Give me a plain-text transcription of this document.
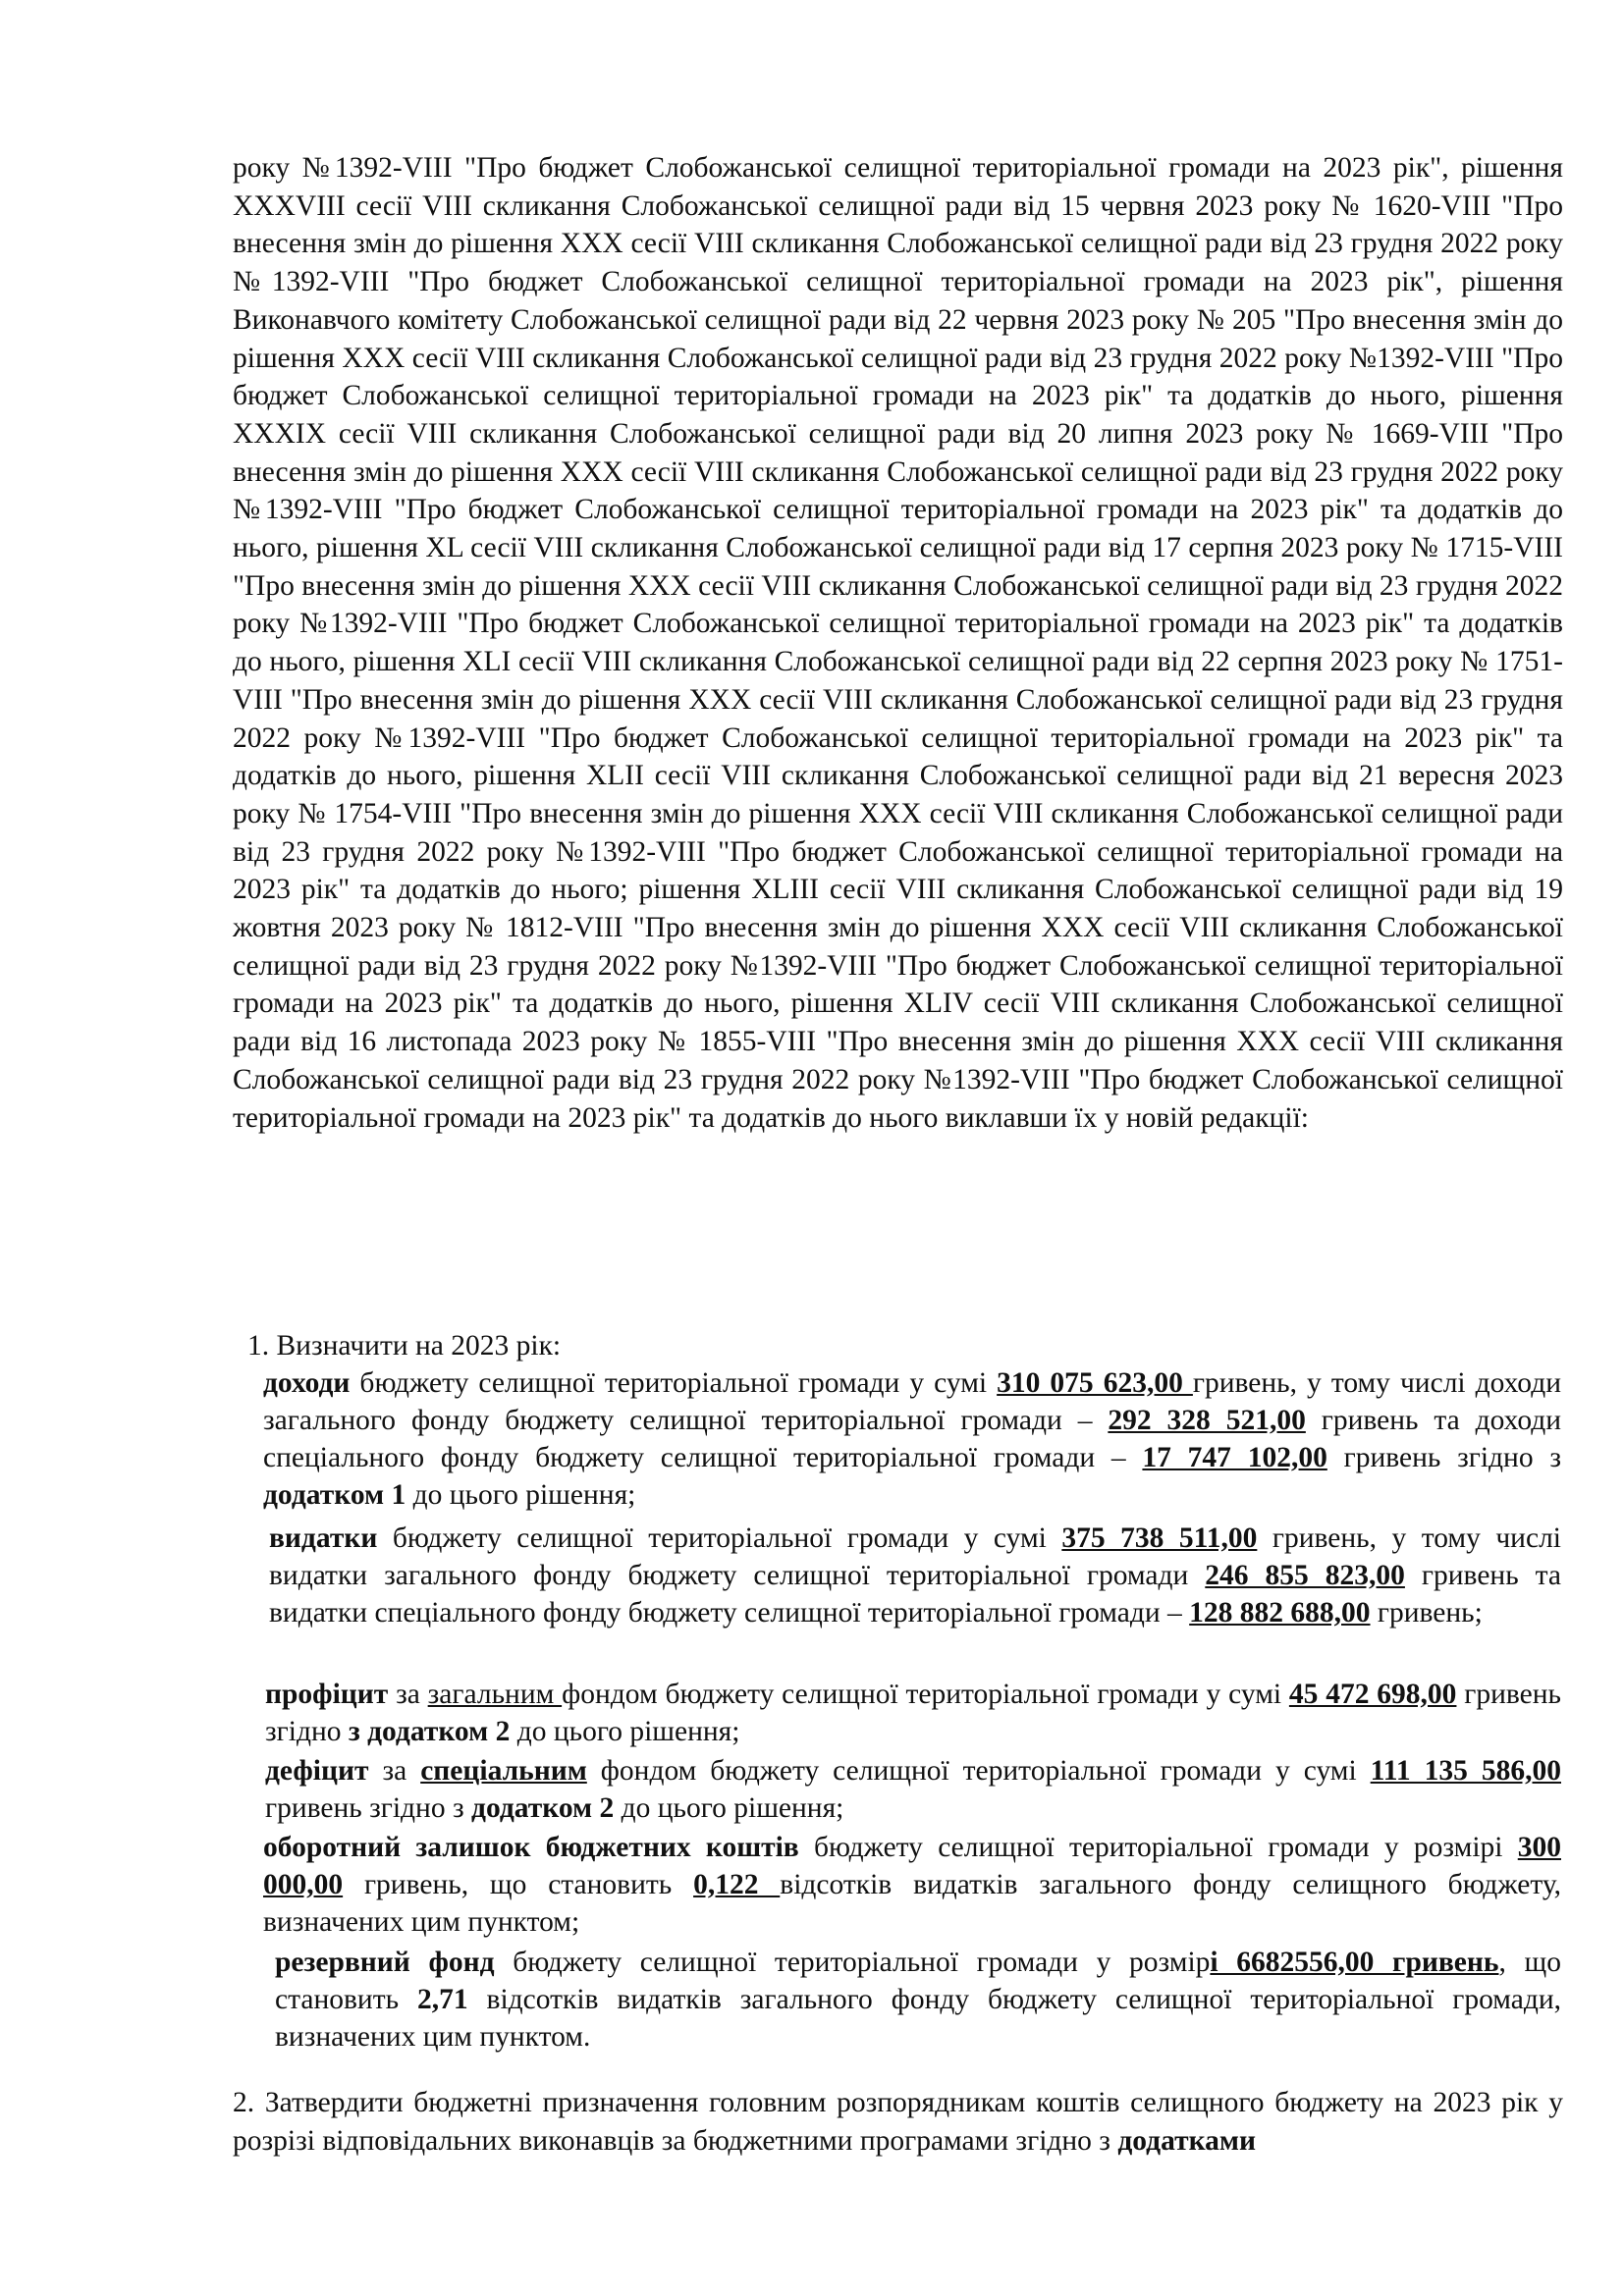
року №1392-VIII "Про бюджет Слобожанської селищної територіальної громади на 2023 рік", рішення XXXVIII сесії VIII скликання Слобожанської селищної ради від 15 червня 2023 року № 1620-VIII "Про внесення змін до рішення XXX сесії VIII скликання Слобожанської селищної ради від 23 грудня 2022 року №1392-VIII "Про бюджет Слобожанської селищної територіальної громади на 2023 рік", рішення Виконавчого комітету Слобожанської селищної ради від 22 червня 2023 року № 205 "Про внесення змін до рішення XXX сесії VIII скликання Слобожанської селищної ради від 23 грудня 2022 року №1392-VIII "Про бюджет Слобожанської селищної територіальної громади на 2023 рік" та додатків до нього, рішення XXXIX сесії VIII скликання Слобожанської селищної ради від 20 липня 2023 року № 1669-VIII "Про внесення змін до рішення XXX сесії VIII скликання Слобожанської селищної ради від 23 грудня 2022 року №1392-VIII "Про бюджет Слобожанської селищної територіальної громади на 2023 рік" та додатків до нього, рішення XL сесії VIII скликання Слобожанської селищної ради від 17 серпня 2023 року № 1715-VIII "Про внесення змін до рішення XXX сесії VIII скликання Слобожанської селищної ради від 23 грудня 2022 року №1392-VIII "Про бюджет Слобожанської селищної територіальної громади на 2023 рік" та додатків до нього, рішення XLI сесії VIII скликання Слобожанської селищної ради від 22 серпня 2023 року № 1751-VIII "Про внесення змін до рішення XXX сесії VIII скликання Слобожанської селищної ради від 23 грудня 2022 року №1392-VIII "Про бюджет Слобожанської селищної територіальної громади на 2023 рік" та додатків до нього, рішення XLII сесії VIII скликання Слобожанської селищної ради від 21 вересня 2023 року № 1754-VIII "Про внесення змін до рішення XXX сесії VIII скликання Слобожанської селищної ради від 23 грудня 2022 року №1392-VIII "Про бюджет Слобожанської селищної територіальної громади на 2023 рік" та додатків до нього; рішення XLIII сесії VIII скликання Слобожанської селищної ради від 19 жовтня 2023 року № 1812-VIII "Про внесення змін до рішення XXX сесії VIII скликання Слобожанської селищної ради від 23 грудня 2022 року №1392-VIII "Про бюджет Слобожанської селищної територіальної громади на 2023 рік" та додатків до нього, рішення XLIV сесії VIII скликання Слобожанської селищної ради від 16 листопада 2023 року № 1855-VIII "Про внесення змін до рішення XXX сесії VIII скликання Слобожанської селищної ради від 23 грудня 2022 року №1392-VIII "Про бюджет Слобожанської селищної територіальної громади на 2023 рік" та додатків до нього виклавши їх у новій редакції:
1. Визначити на 2023 рік:
доходи бюджету селищної територіальної громади у сумі 310 075 623,00 гривень, у тому числі доходи загального фонду бюджету селищної територіальної громади – 292 328 521,00 гривень та доходи спеціального фонду бюджету селищної територіальної громади – 17 747 102,00 гривень згідно з додатком 1 до цього рішення;
видатки бюджету селищної територіальної громади у сумі 375 738 511,00 гривень, у тому числі видатки загального фонду бюджету селищної територіальної громади 246 855 823,00 гривень та видатки спеціального фонду бюджету селищної територіальної громади – 128 882 688,00 гривень;
профіцит за загальним фондом бюджету селищної територіальної громади у сумі 45 472 698,00 гривень згідно з додатком 2 до цього рішення;
дефіцит за спеціальним фондом бюджету селищної територіальної громади у сумі 111 135 586,00 гривень згідно з додатком 2 до цього рішення;
оборотний залишок бюджетних коштів бюджету селищної територіальної громади у розмірі 300 000,00 гривень, що становить 0,122 відсотків видатків загального фонду селищного бюджету, визначених цим пунктом;
резервний фонд бюджету селищної територіальної громади у розмірі 6682556,00 гривень, що становить 2,71 відсотків видатків загального фонду бюджету селищної територіальної громади, визначених цим пунктом.
2. Затвердити бюджетні призначення головним розпорядникам коштів селищного бюджету на 2023 рік у розрізі відповідальних виконавців за бюджетними програмами згідно з додатками
